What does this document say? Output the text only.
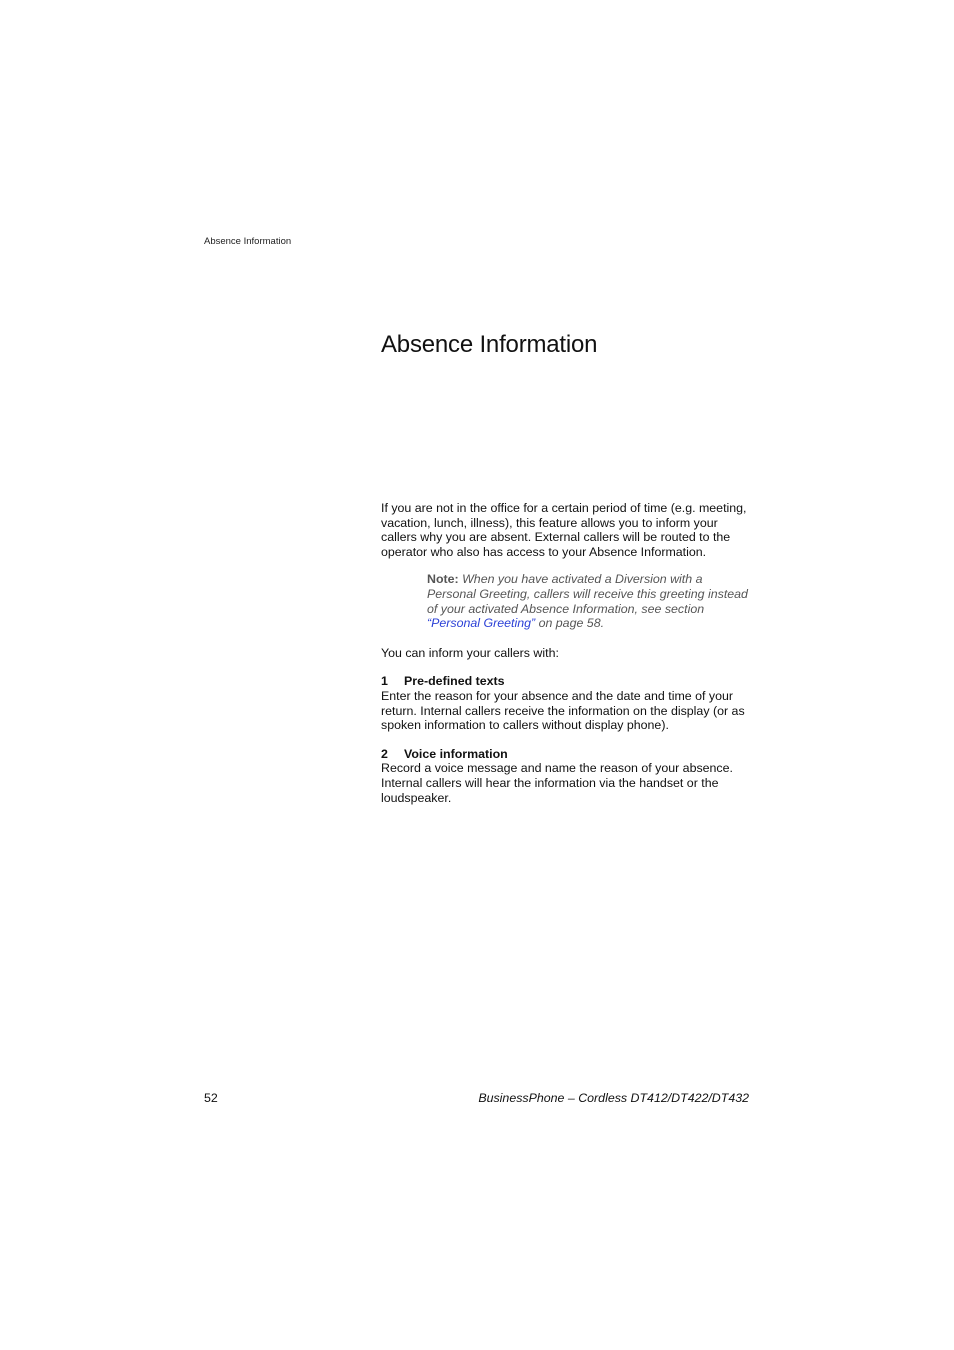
Absence Information
Absence Information

If you are not in the office for a certain period of time (e.g. meeting, vacation, lunch, illness), this feature allows you to inform your callers why you are absent. External callers will be routed to the operator who also has access to your Absence Information.

Note: When you have activated a Diversion with a Personal Greeting, callers will receive this greeting instead of your activated Absence Information, see section “Personal Greeting” on page 58.

You can inform your callers with:

1 Pre-defined texts

Enter the reason for your absence and the date and time of your return. Internal callers receive the information on the display (or as spoken information to callers without display phone).

2 Voice information

Record a voice message and name the reason of your absence. Internal callers will hear the information via the handset or the loudspeaker.

52	BusinessPhone – Cordless DT412/DT422/DT432
